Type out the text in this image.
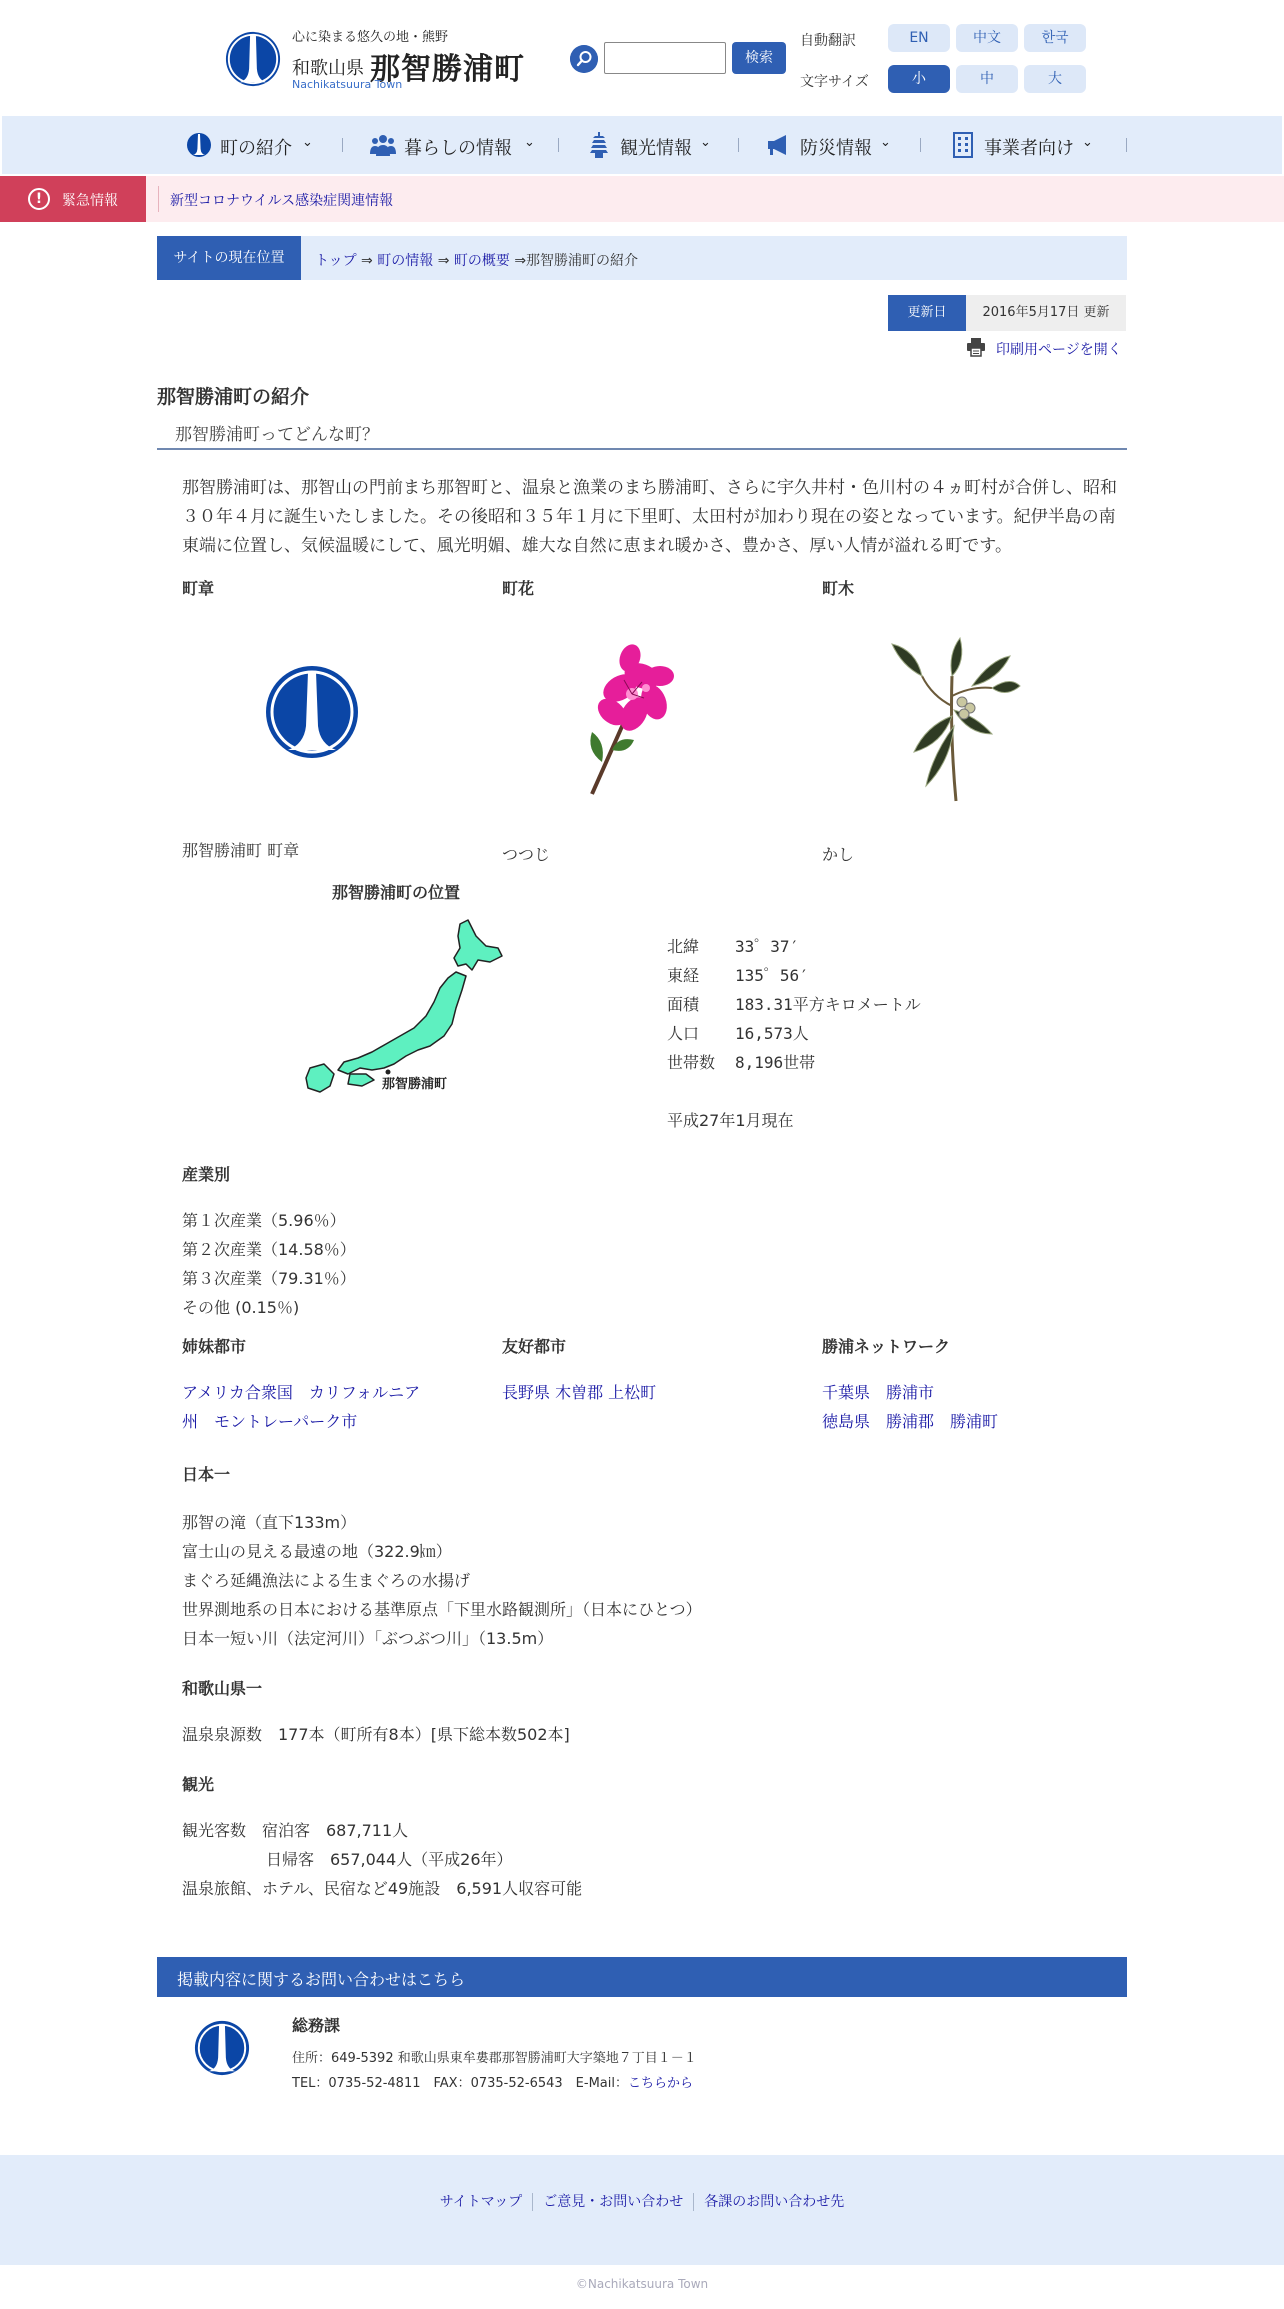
心に染まる悠久の地・熊野
和歌山県 那智勝浦町
Nachikatsuura Town
検索
自動翻訳	EN	中文	한국
文字サイズ	小	中	大
町の紹介 ⌄	暮らしの情報 ⌄	観光情報 ⌄	防災情報 ⌄	事業者向け ⌄
!	緊急情報	新型コロナウイルス感染症関連情報
サイトの現在位置	トップ ⇒ 町の情報 ⇒ 町の概要 ⇒那智勝浦町の紹介
更新日	2016年5月17日 更新
印刷用ページを開く
那智勝浦町の紹介
那智勝浦町ってどんな町？

那智勝浦町は、那智山の門前まち那智町と、温泉と漁業のまち勝浦町、さらに宇久井村・色川村の４ヵ町村が合併し、昭和３０年４月に誕生いたしました。その後昭和３５年１月に下里町、太田村が加わり現在の姿となっています。紀伊半島の南東端に位置し、気候温暖にして、風光明媚、雄大な自然に恵まれ暖かさ、豊かさ、厚い人情が溢れる町です。

町章	町花	町木
那智勝浦町 町章	つつじ	かし
那智勝浦町の位置
那智勝浦町
北緯 33゜37′
東経 135゜56′
面積 183.31平方キロメートル
人口 16,573人
世帯数 8,196世帯
平成27年1月現在
産業別
第１次産業（5.96％）
第２次産業（14.58％）
第３次産業（79.31％）
その他 (0.15％)
姉妹都市	友好都市	勝浦ネットワーク
アメリカ合衆国　カリフォルニア
州　モントレーパーク市
長野県 木曽郡 上松町	千葉県　勝浦市
徳島県　勝浦郡　勝浦町
日本一
那智の滝（直下133m）
富士山の見える最遠の地（322.9㎞）
まぐろ延縄漁法による生まぐろの水揚げ
世界測地系の日本における基準原点「下里水路観測所」（日本にひとつ）
日本一短い川（法定河川）「ぶつぶつ川」（13.5m）
和歌山県一
温泉泉源数　177本（町所有8本）[県下総本数502本]
観光
観光客数　宿泊客　687,711人
日帰客　657,044人（平成26年）
温泉旅館、ホテル、民宿など49施設　6,591人収容可能
掲載内容に関するお問い合わせはこちら
総務課
住所：649-5392 和歌山県東牟婁郡那智勝浦町大字築地７丁目１－１
TEL：0735-52-4811　FAX：0735-52-6543　E-Mail：こちらから
サイトマップ ご意見・お問い合わせ 各課のお問い合わせ先
©Nachikatsuura Town
